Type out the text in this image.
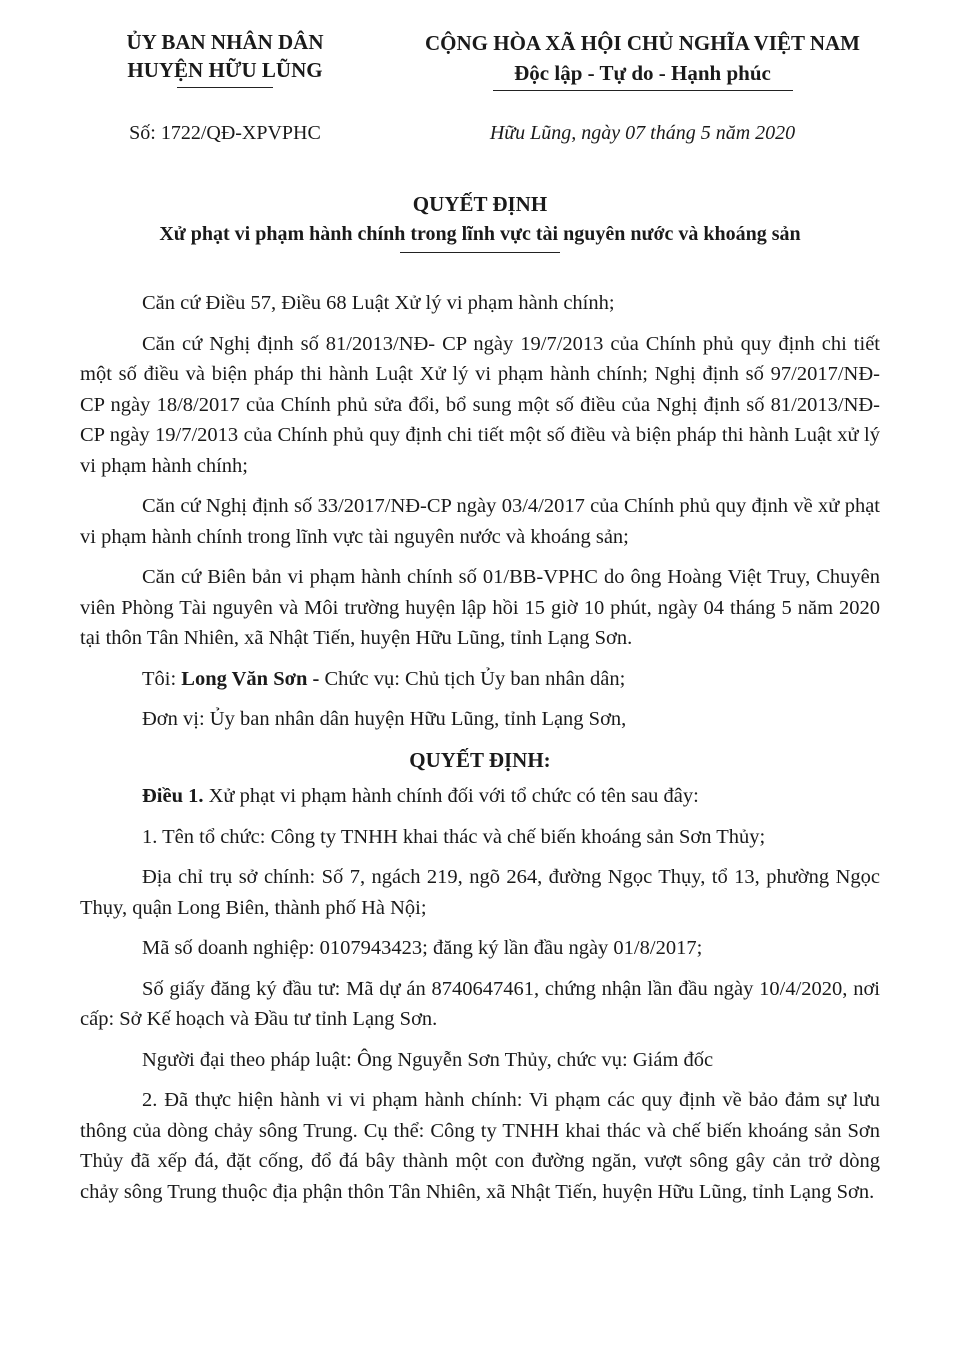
ỦY BAN NHÂN DÂN
HUYỆN HỮU LŨNG
CỘNG HÒA XÃ HỘI CHỦ NGHĨA VIỆT NAM
Độc lập - Tự do - Hạnh phúc
Số: 1722/QĐ-XPVPHC	Hữu Lũng, ngày 07 tháng 5 năm 2020
QUYẾT ĐỊNH
Xử phạt vi phạm hành chính trong lĩnh vực tài nguyên nước và khoáng sản

Căn cứ Điều 57, Điều 68 Luật Xử lý vi phạm hành chính;

Căn cứ Nghị định số 81/2013/NĐ- CP ngày 19/7/2013 của Chính phủ quy định chi tiết một số điều và biện pháp thi hành Luật Xử lý vi phạm hành chính; Nghị định số 97/2017/NĐ- CP ngày 18/8/2017 của Chính phủ sửa đổi, bổ sung một số điều của Nghị định số 81/2013/NĐ-CP ngày 19/7/2013 của Chính phủ quy định chi tiết một số điều và biện pháp thi hành Luật xử lý vi phạm hành chính;

Căn cứ Nghị định số 33/2017/NĐ-CP ngày 03/4/2017 của Chính phủ quy định về xử phạt vi phạm hành chính trong lĩnh vực tài nguyên nước và khoáng sản;

Căn cứ Biên bản vi phạm hành chính số 01/BB-VPHC do ông Hoàng Việt Truy, Chuyên viên Phòng Tài nguyên và Môi trường huyện lập hồi 15 giờ 10 phút, ngày 04 tháng 5 năm 2020 tại thôn Tân Nhiên, xã Nhật Tiến, huyện Hữu Lũng, tỉnh Lạng Sơn.

Tôi: Long Văn Sơn - Chức vụ: Chủ tịch Ủy ban nhân dân;

Đơn vị: Ủy ban nhân dân huyện Hữu Lũng, tỉnh Lạng Sơn,

QUYẾT ĐỊNH:

Điều 1. Xử phạt vi phạm hành chính đối với tổ chức có tên sau đây:

1. Tên tổ chức: Công ty TNHH khai thác và chế biến khoáng sản Sơn Thủy;

Địa chỉ trụ sở chính: Số 7, ngách 219, ngõ 264, đường Ngọc Thụy, tổ 13, phường Ngọc Thụy, quận Long Biên, thành phố Hà Nội;

Mã số doanh nghiệp: 0107943423; đăng ký lần đầu ngày 01/8/2017;

Số giấy đăng ký đầu tư: Mã dự án 8740647461, chứng nhận lần đầu ngày 10/4/2020, nơi cấp: Sở Kế hoạch và Đầu tư tỉnh Lạng Sơn.

Người đại theo pháp luật: Ông Nguyễn Sơn Thủy, chức vụ: Giám đốc

2. Đã thực hiện hành vi vi phạm hành chính: Vi phạm các quy định về bảo đảm sự lưu thông của dòng chảy sông Trung. Cụ thể: Công ty TNHH khai thác và chế biến khoáng sản Sơn Thủy đã xếp đá, đặt cống, đổ đá bây thành một con đường ngăn, vượt sông gây cản trở dòng chảy sông Trung thuộc địa phận thôn Tân Nhiên, xã Nhật Tiến, huyện Hữu Lũng, tỉnh Lạng Sơn.
